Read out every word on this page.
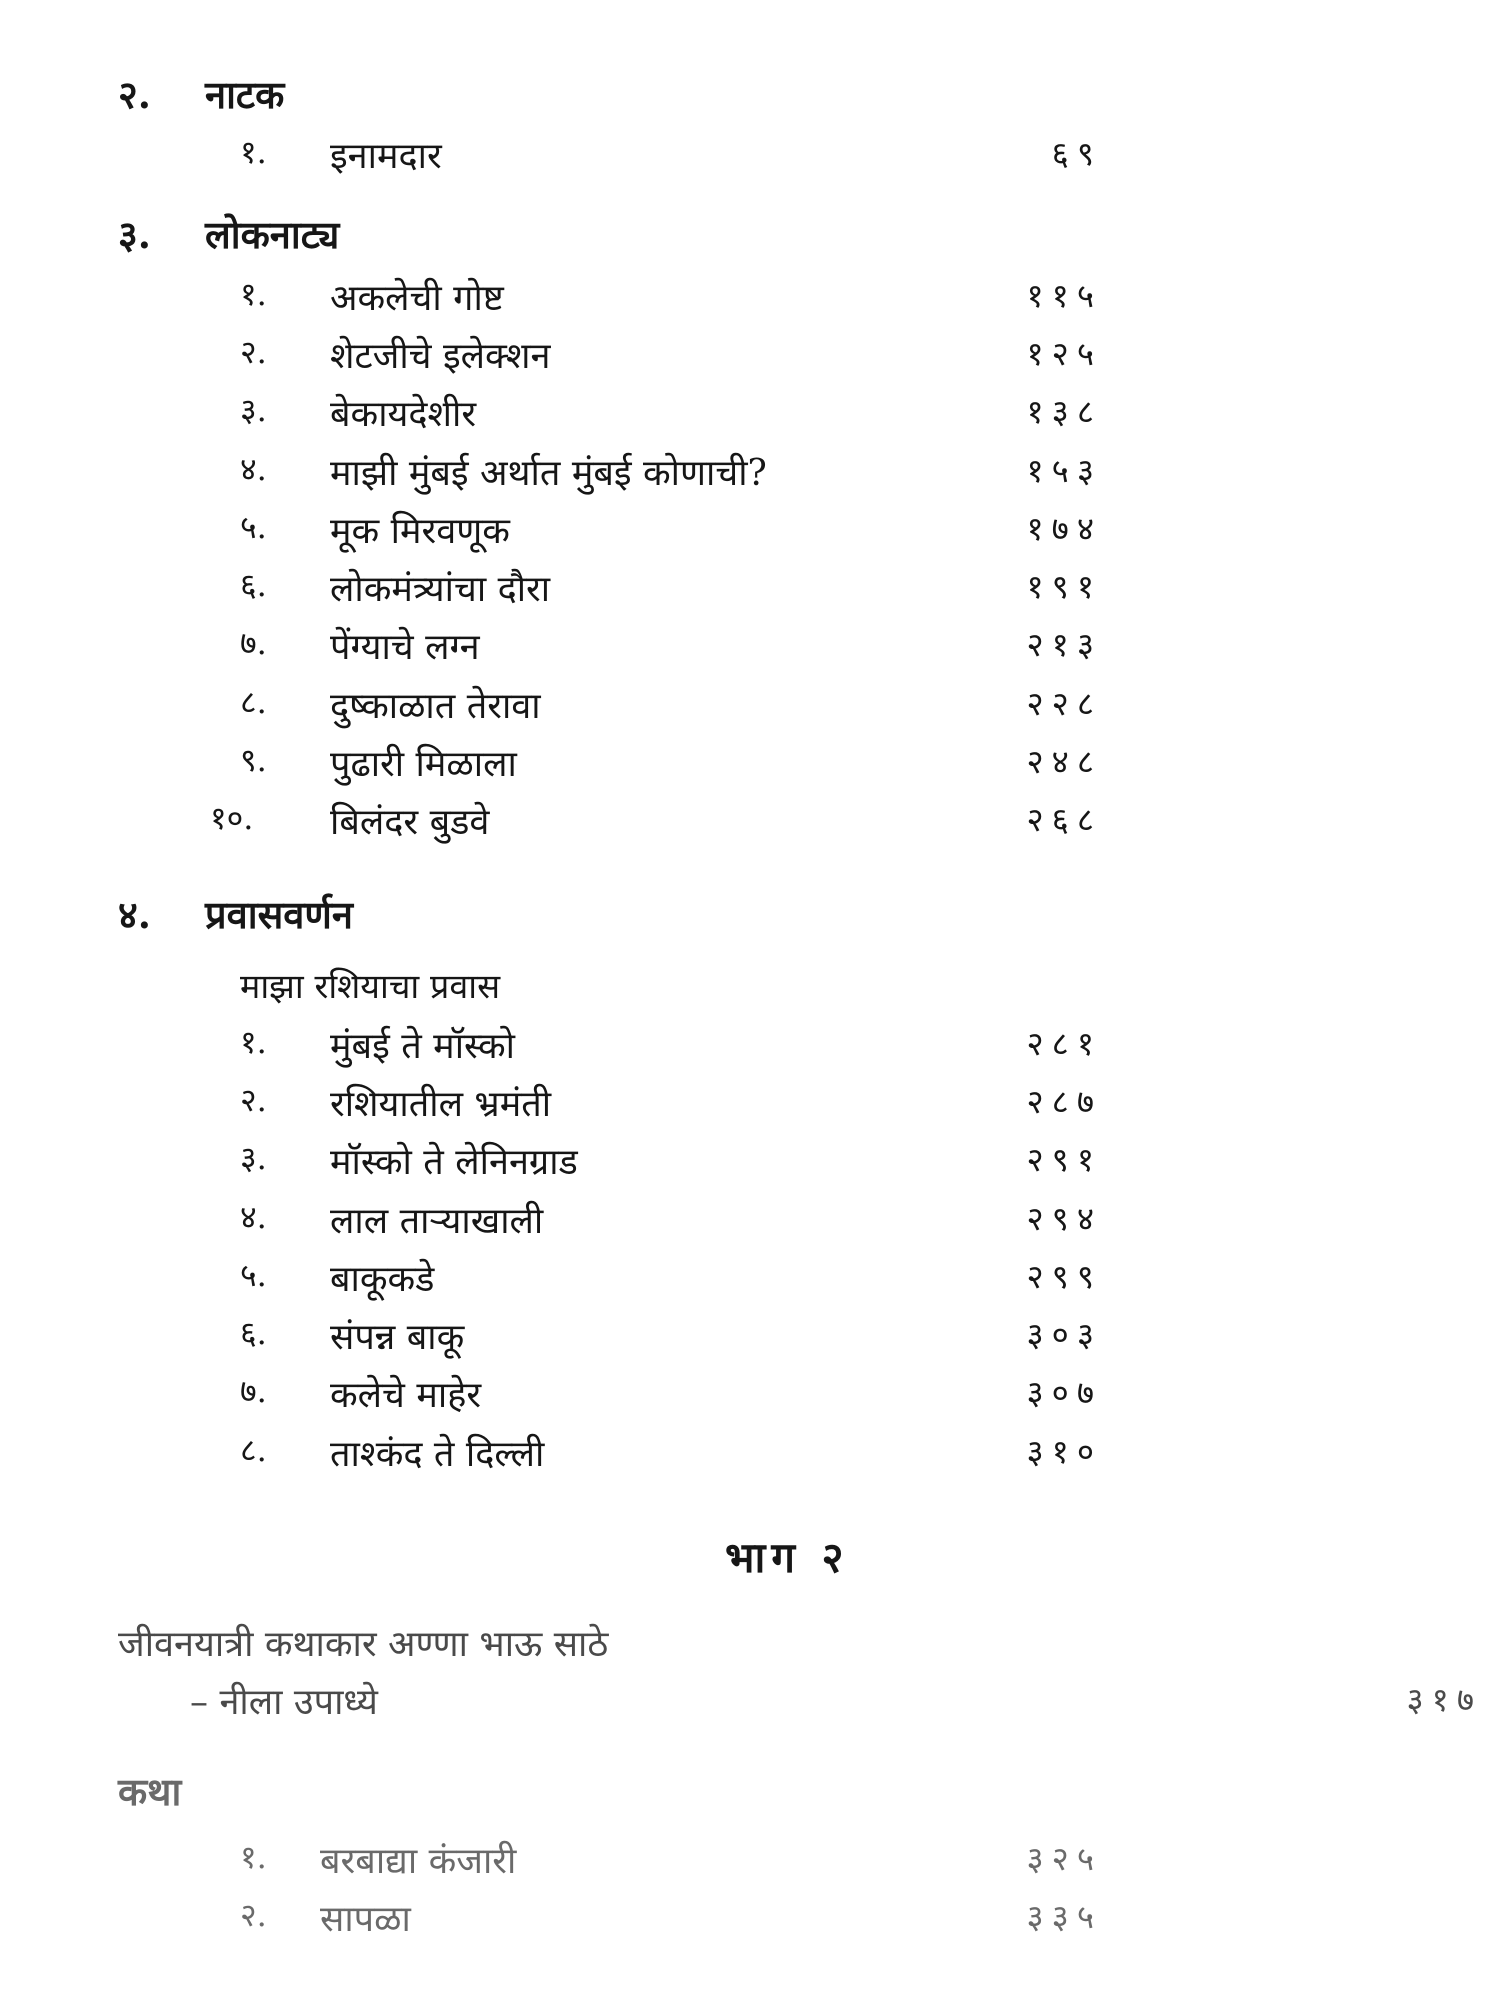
२. नाटक
१. इनामदार	६९
३. लोकनाट्य
१. अकलेची गोष्ट	११५
२. शेटजीचे इलेक्शन	१२५
३. बेकायदेशीर	१३८
४. माझी मुंबई अर्थात मुंबई कोणाची?	१५३
५. मूक मिरवणूक	१७४
६. लोकमंत्र्यांचा दौरा	१९१
७. पेंग्याचे लग्न	२१३
८. दुष्काळात तेरावा	२२८
९. पुढारी मिळाला	२४८
१०. बिलंदर बुडवे	२६८
४. प्रवासवर्णन
माझा रशियाचा प्रवास
१. मुंबई ते मॉस्को	२८१
२. रशियातील भ्रमंती	२८७
३. मॉस्को ते लेनिनग्राड	२९१
४. लाल ताऱ्याखाली	२९४
५. बाकूकडे	२९९
६. संपन्न बाकू	३०३
७. कलेचे माहेर	३०७
८. ताश्कंद ते दिल्ली	३१०
भाग २
जीवनयात्री कथाकार अण्णा भाऊ साठे
– नीला उपाध्ये	३१७
कथा
१. बरबाद्या कंजारी	३२५
२. सापळा	३३५
